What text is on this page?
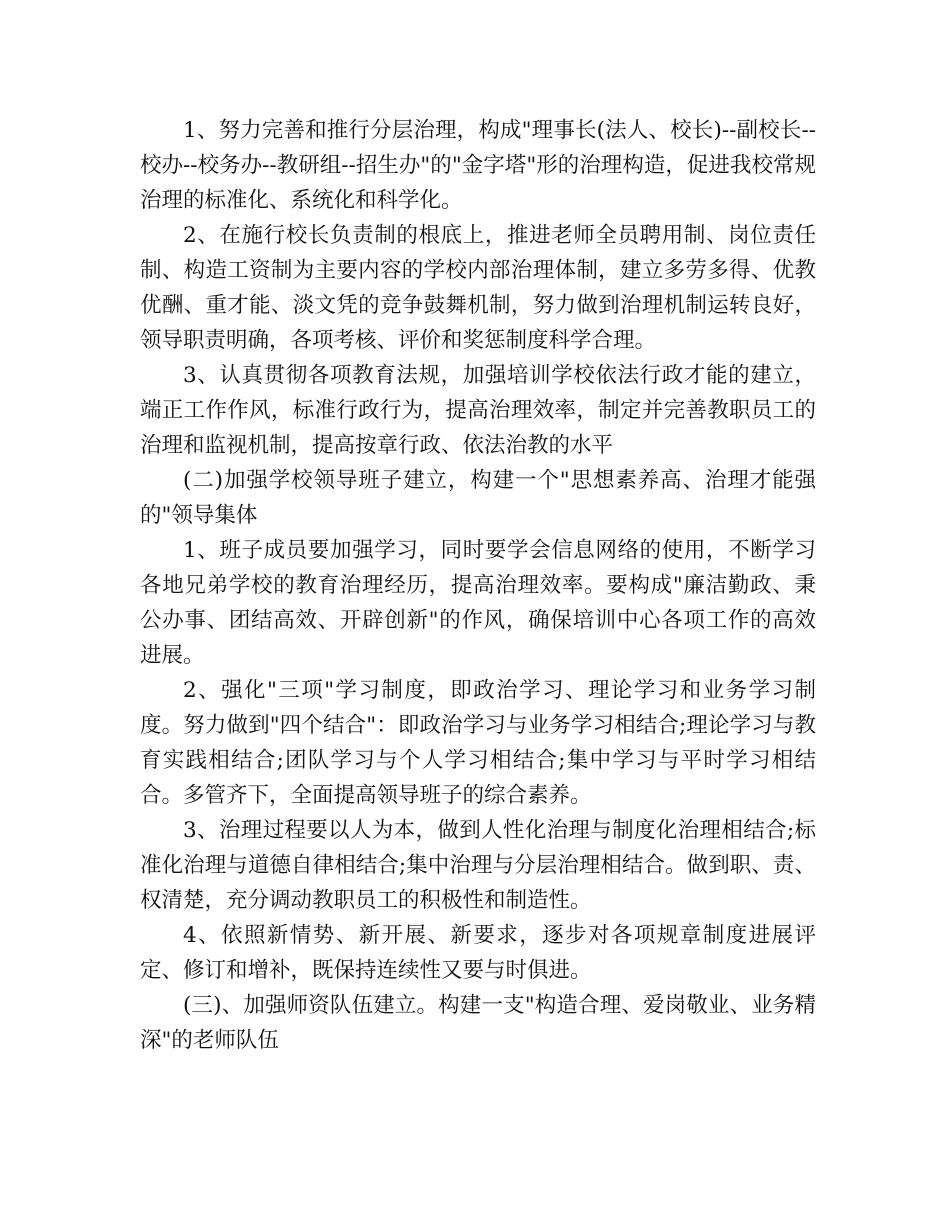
1、努力完善和推行分层治理，构成"理事长(法人、校长)--副校长--校办--校务办--教研组--招生办"的"金字塔"形的治理构造，促进我校常规治理的标准化、系统化和科学化。

2、在施行校长负责制的根底上，推进老师全员聘用制、岗位责任制、构造工资制为主要内容的学校内部治理体制，建立多劳多得、优教优酬、重才能、淡文凭的竞争鼓舞机制，努力做到治理机制运转良好，领导职责明确，各项考核、评价和奖惩制度科学合理。

3、认真贯彻各项教育法规，加强培训学校依法行政才能的建立，端正工作作风，标准行政行为，提高治理效率，制定并完善教职员工的治理和监视机制，提高按章行政、依法治教的水平

(二)加强学校领导班子建立，构建一个"思想素养高、治理才能强的"领导集体

1、班子成员要加强学习，同时要学会信息网络的使用，不断学习各地兄弟学校的教育治理经历，提高治理效率。要构成"廉洁勤政、秉公办事、团结高效、开辟创新"的作风，确保培训中心各项工作的高效进展。

2、强化"三项"学习制度，即政治学习、理论学习和业务学习制度。努力做到"四个结合"：即政治学习与业务学习相结合;理论学习与教育实践相结合;团队学习与个人学习相结合;集中学习与平时学习相结合。多管齐下，全面提高领导班子的综合素养。

3、治理过程要以人为本，做到人性化治理与制度化治理相结合;标准化治理与道德自律相结合;集中治理与分层治理相结合。做到职、责、权清楚，充分调动教职员工的积极性和制造性。

4、依照新情势、新开展、新要求，逐步对各项规章制度进展评定、修订和增补，既保持连续性又要与时俱进。

(三)、加强师资队伍建立。构建一支"构造合理、爱岗敬业、业务精深"的老师队伍
